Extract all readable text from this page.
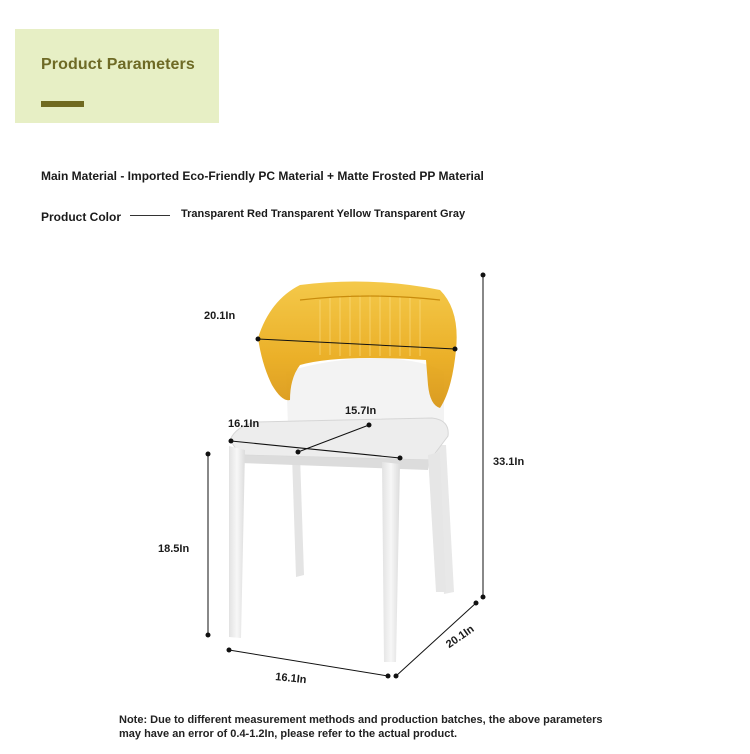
Product Parameters
Main Material - Imported Eco-Friendly PC Material + Matte Frosted PP Material
Product Color	Transparent Red Transparent Yellow Transparent Gray
20.1In
16.1In
15.7In
33.1In
18.5In
20.1In
16.1In
Note: Due to different measurement methods and production batches, the above parameters
may have an error of 0.4-1.2In, please refer to the actual product.
